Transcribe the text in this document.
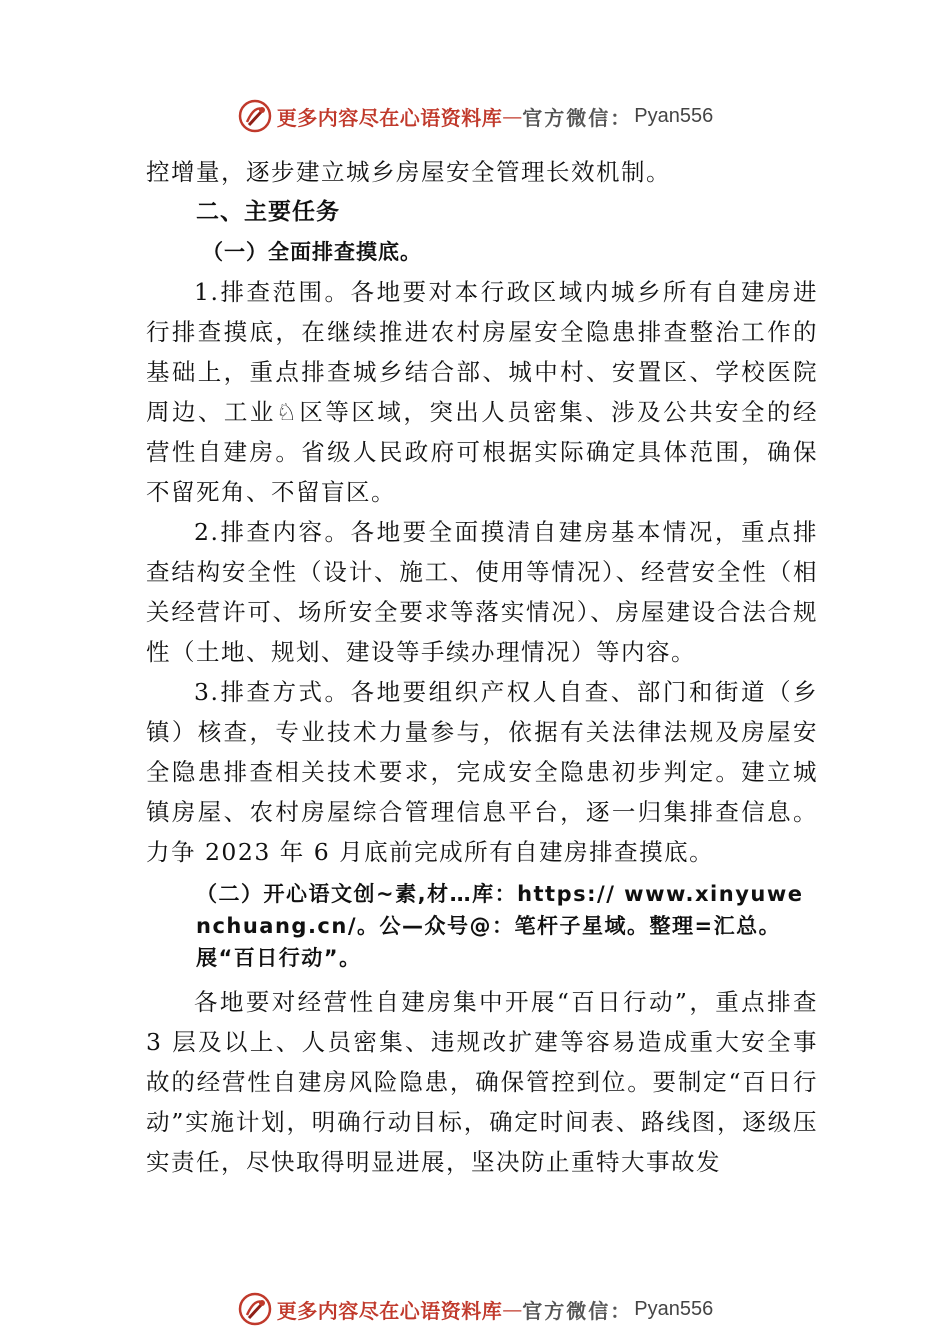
更多内容尽在心语资料库 — 官方微信： Pyan556

控增量，逐步建立城乡房屋安全管理长效机制。

二、主要任务

（一）全面排查摸底。

1.排查范围。各地要对本行政区域内城乡所有自建房进行排查摸底，在继续推进农村房屋安全隐患排查整治工作的基础上，重点排查城乡结合部、城中村、安置区、学校医院周边、工业♘区等区域，突出人员密集、涉及公共安全的经营性自建房。省级人民政府可根据实际确定具体范围，确保不留死角、不留盲区。

2.排查内容。各地要全面摸清自建房基本情况，重点排查结构安全性（设计、施工、使用等情况）、经营安全性（相关经营许可、场所安全要求等落实情况）、房屋建设合法合规性（土地、规划、建设等手续办理情况）等内容。

3.排查方式。各地要组织产权人自查、部门和街道（乡镇）核查，专业技术力量参与，依据有关法律法规及房屋安全隐患排查相关技术要求，完成安全隐患初步判定。建立城镇房屋、农村房屋综合管理信息平台，逐一归集排查信息。力争 2023 年 6 月底前完成所有自建房排查摸底。

（二）开心语文创~素,材…库：https:// www.xinyuwenchuang.cn/。公—众号@：笔杆子星域。整理=汇总。展“百日行动”。

各地要对经营性自建房集中开展“百日行动”，重点排查 3 层及以上、人员密集、违规改扩建等容易造成重大安全事故的经营性自建房风险隐患，确保管控到位。要制定“百日行动”实施计划，明确行动目标，确定时间表、路线图，逐级压实责任，尽快取得明显进展，坚决防止重特大事故发

更多内容尽在心语资料库 — 官方微信： Pyan556
